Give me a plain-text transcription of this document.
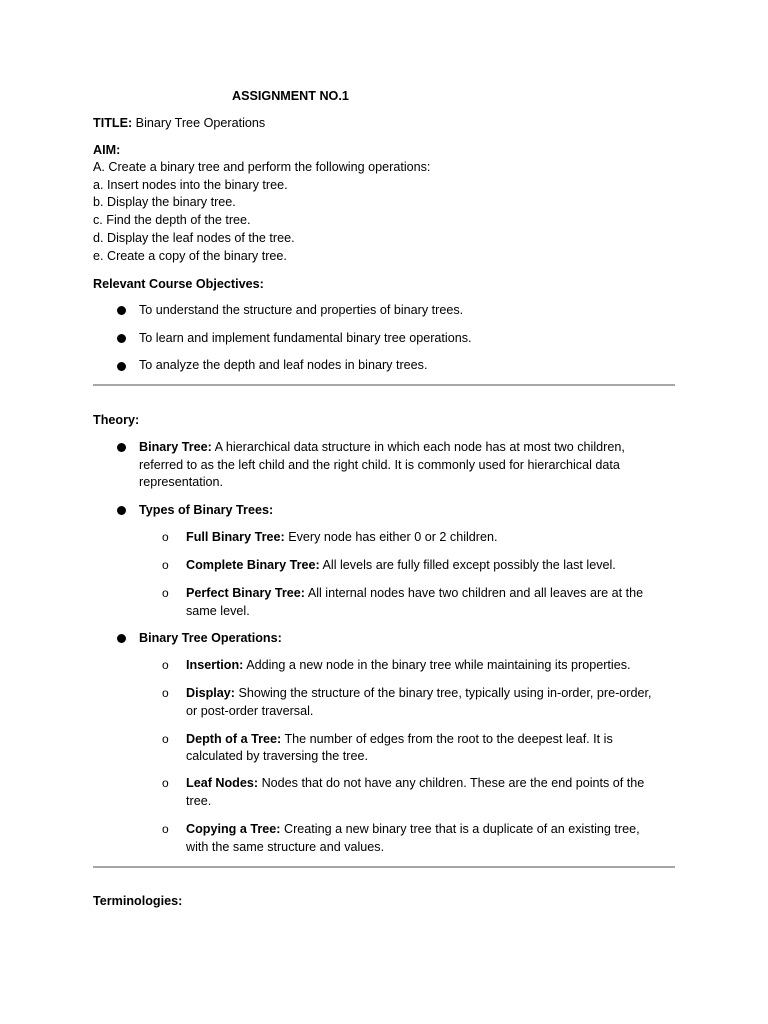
ASSIGNMENT NO.1
TITLE: Binary Tree Operations
AIM:
A. Create a binary tree and perform the following operations:
a. Insert nodes into the binary tree.
b. Display the binary tree.
c. Find the depth of the tree.
d. Display the leaf nodes of the tree.
e. Create a copy of the binary tree.
Relevant Course Objectives:
To understand the structure and properties of binary trees.
To learn and implement fundamental binary tree operations.
To analyze the depth and leaf nodes in binary trees.
Theory:
Binary Tree: A hierarchical data structure in which each node has at most two children,
referred to as the left child and the right child. It is commonly used for hierarchical data
representation.
Types of Binary Trees:
o Full Binary Tree: Every node has either 0 or 2 children.
o Complete Binary Tree: All levels are fully filled except possibly the last level.
o Perfect Binary Tree: All internal nodes have two children and all leaves are at the
same level.
Binary Tree Operations:
o Insertion: Adding a new node in the binary tree while maintaining its properties.
o Display: Showing the structure of the binary tree, typically using in-order, pre-order,
or post-order traversal.
o Depth of a Tree: The number of edges from the root to the deepest leaf. It is
calculated by traversing the tree.
o Leaf Nodes: Nodes that do not have any children. These are the end points of the
tree.
o Copying a Tree: Creating a new binary tree that is a duplicate of an existing tree,
with the same structure and values.
Terminologies:
